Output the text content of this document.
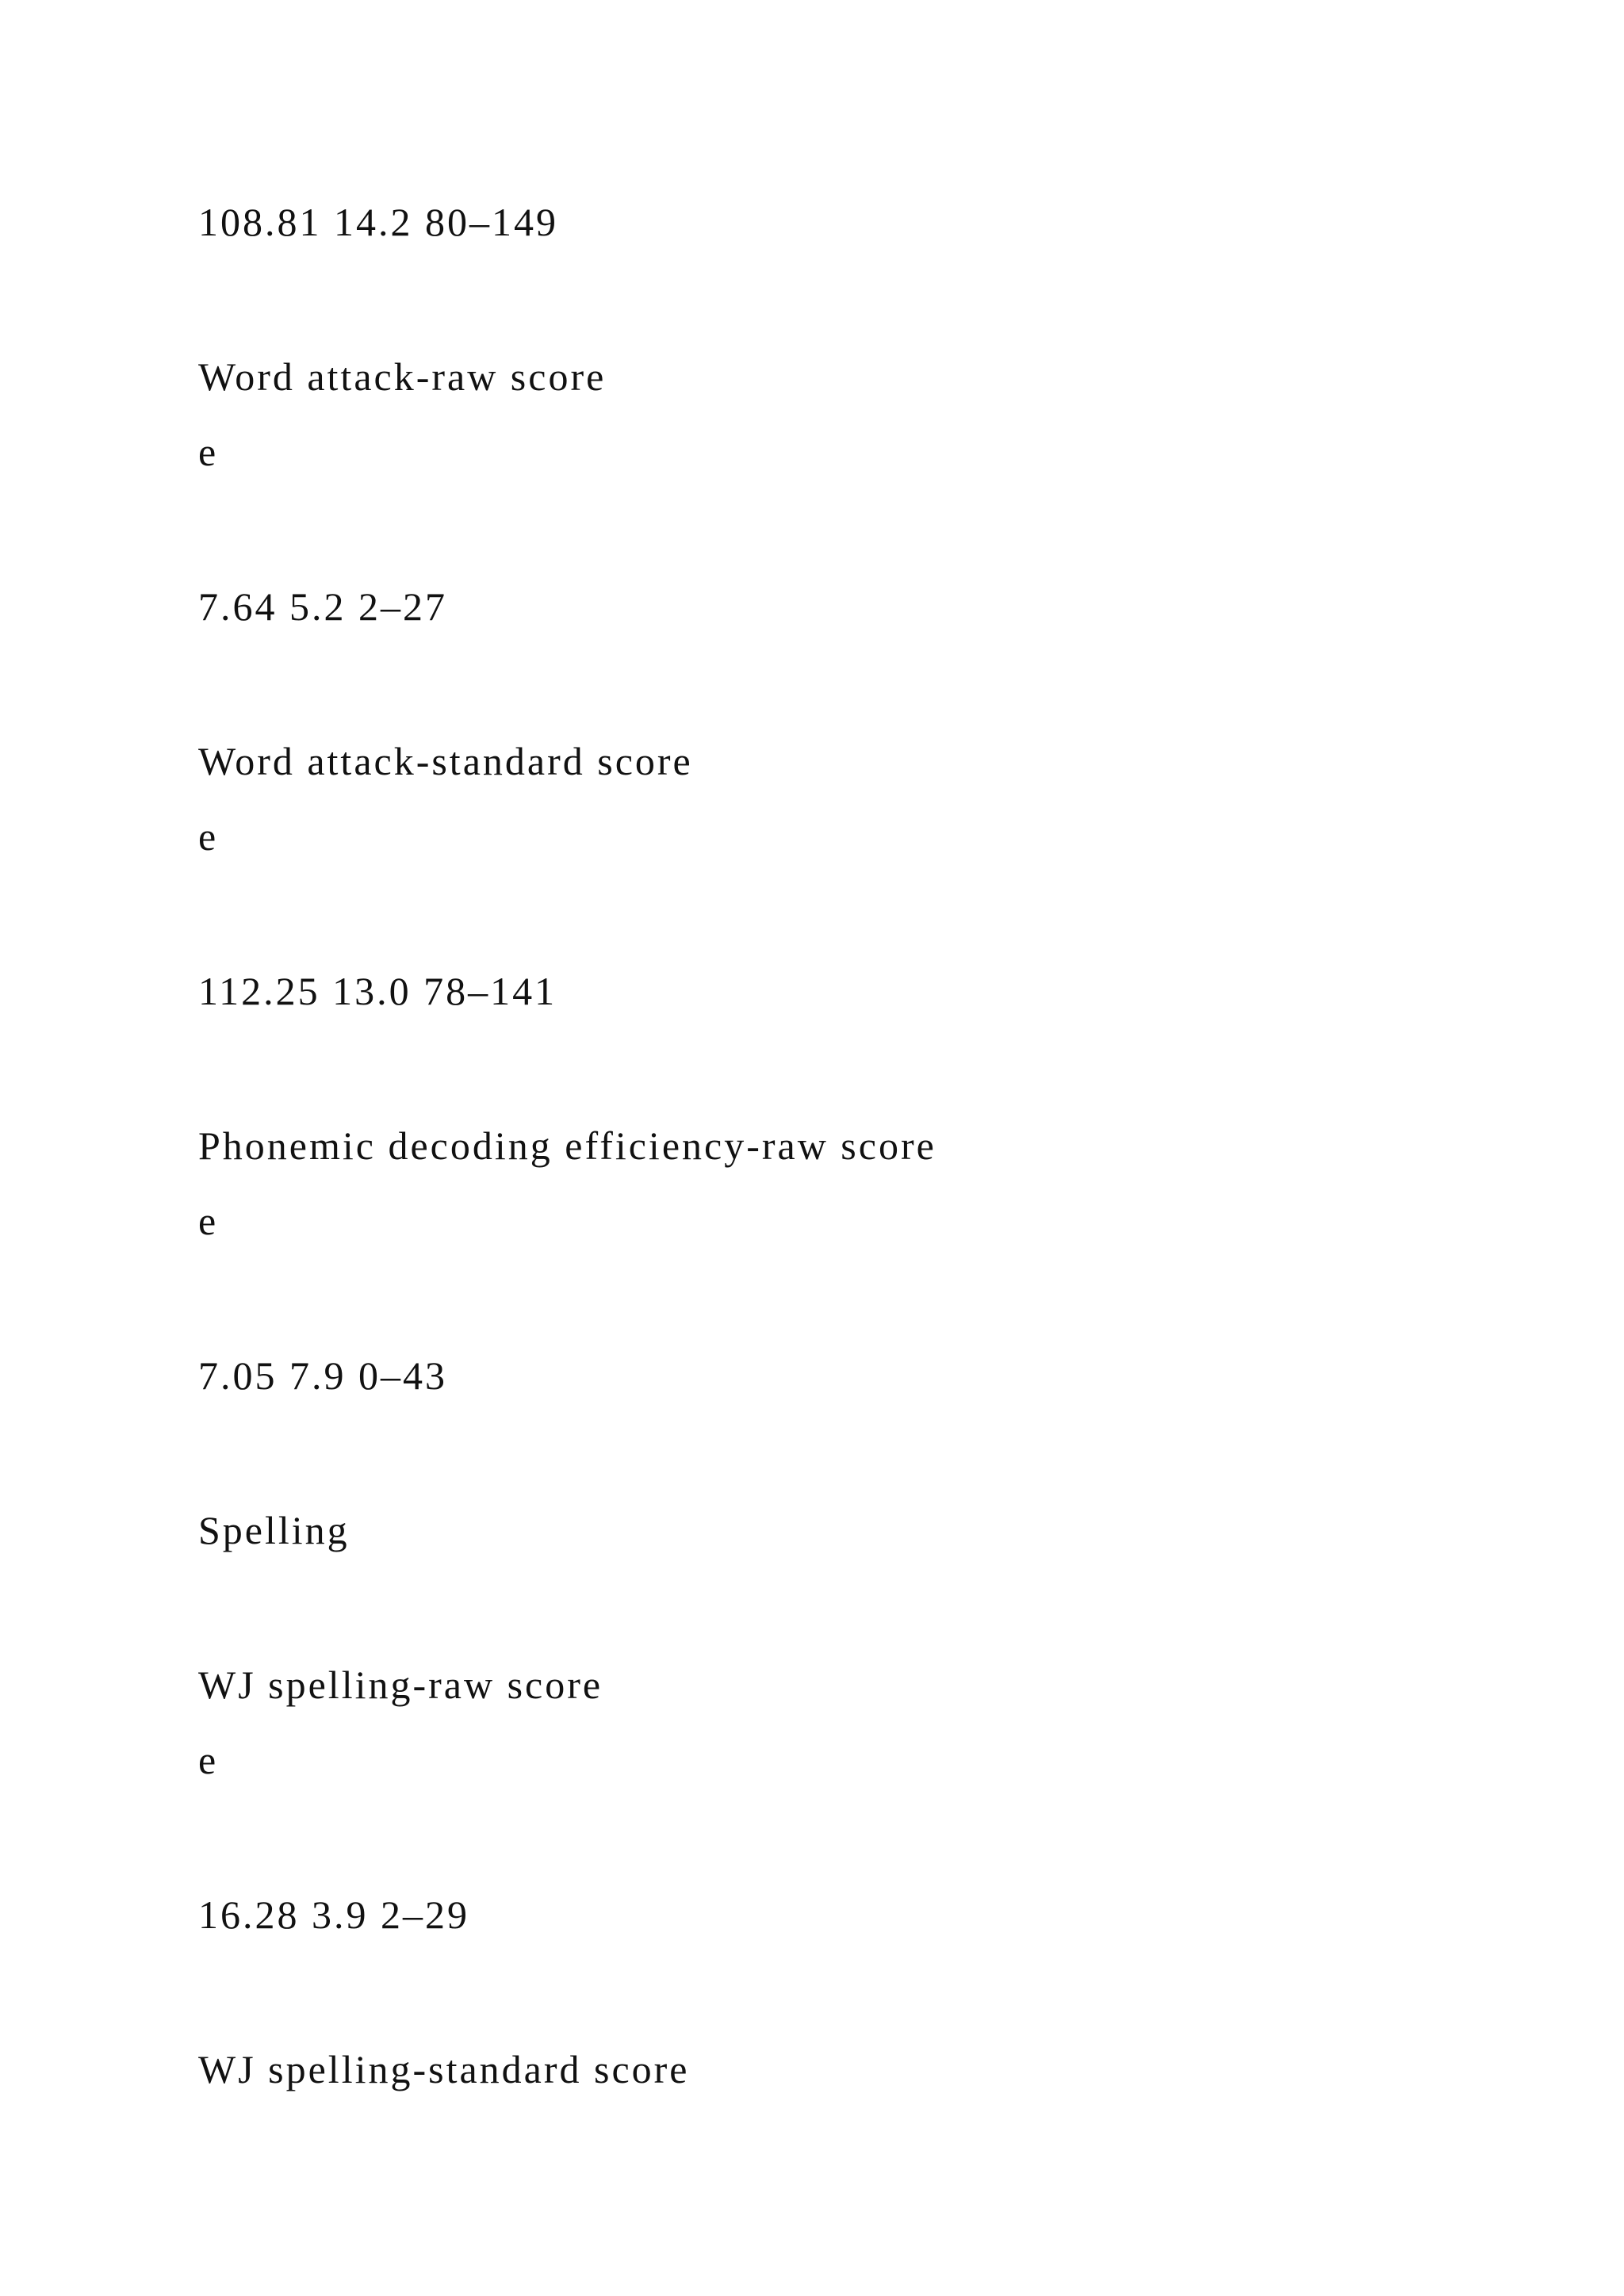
108.81 14.2 80–149
Word attack-raw score
e
7.64 5.2 2–27
Word attack-standard score
e
112.25 13.0 78–141
Phonemic decoding efficiency-raw score
e
7.05 7.9 0–43
Spelling
WJ spelling-raw score
e
16.28 3.9 2–29
WJ spelling-standard score
